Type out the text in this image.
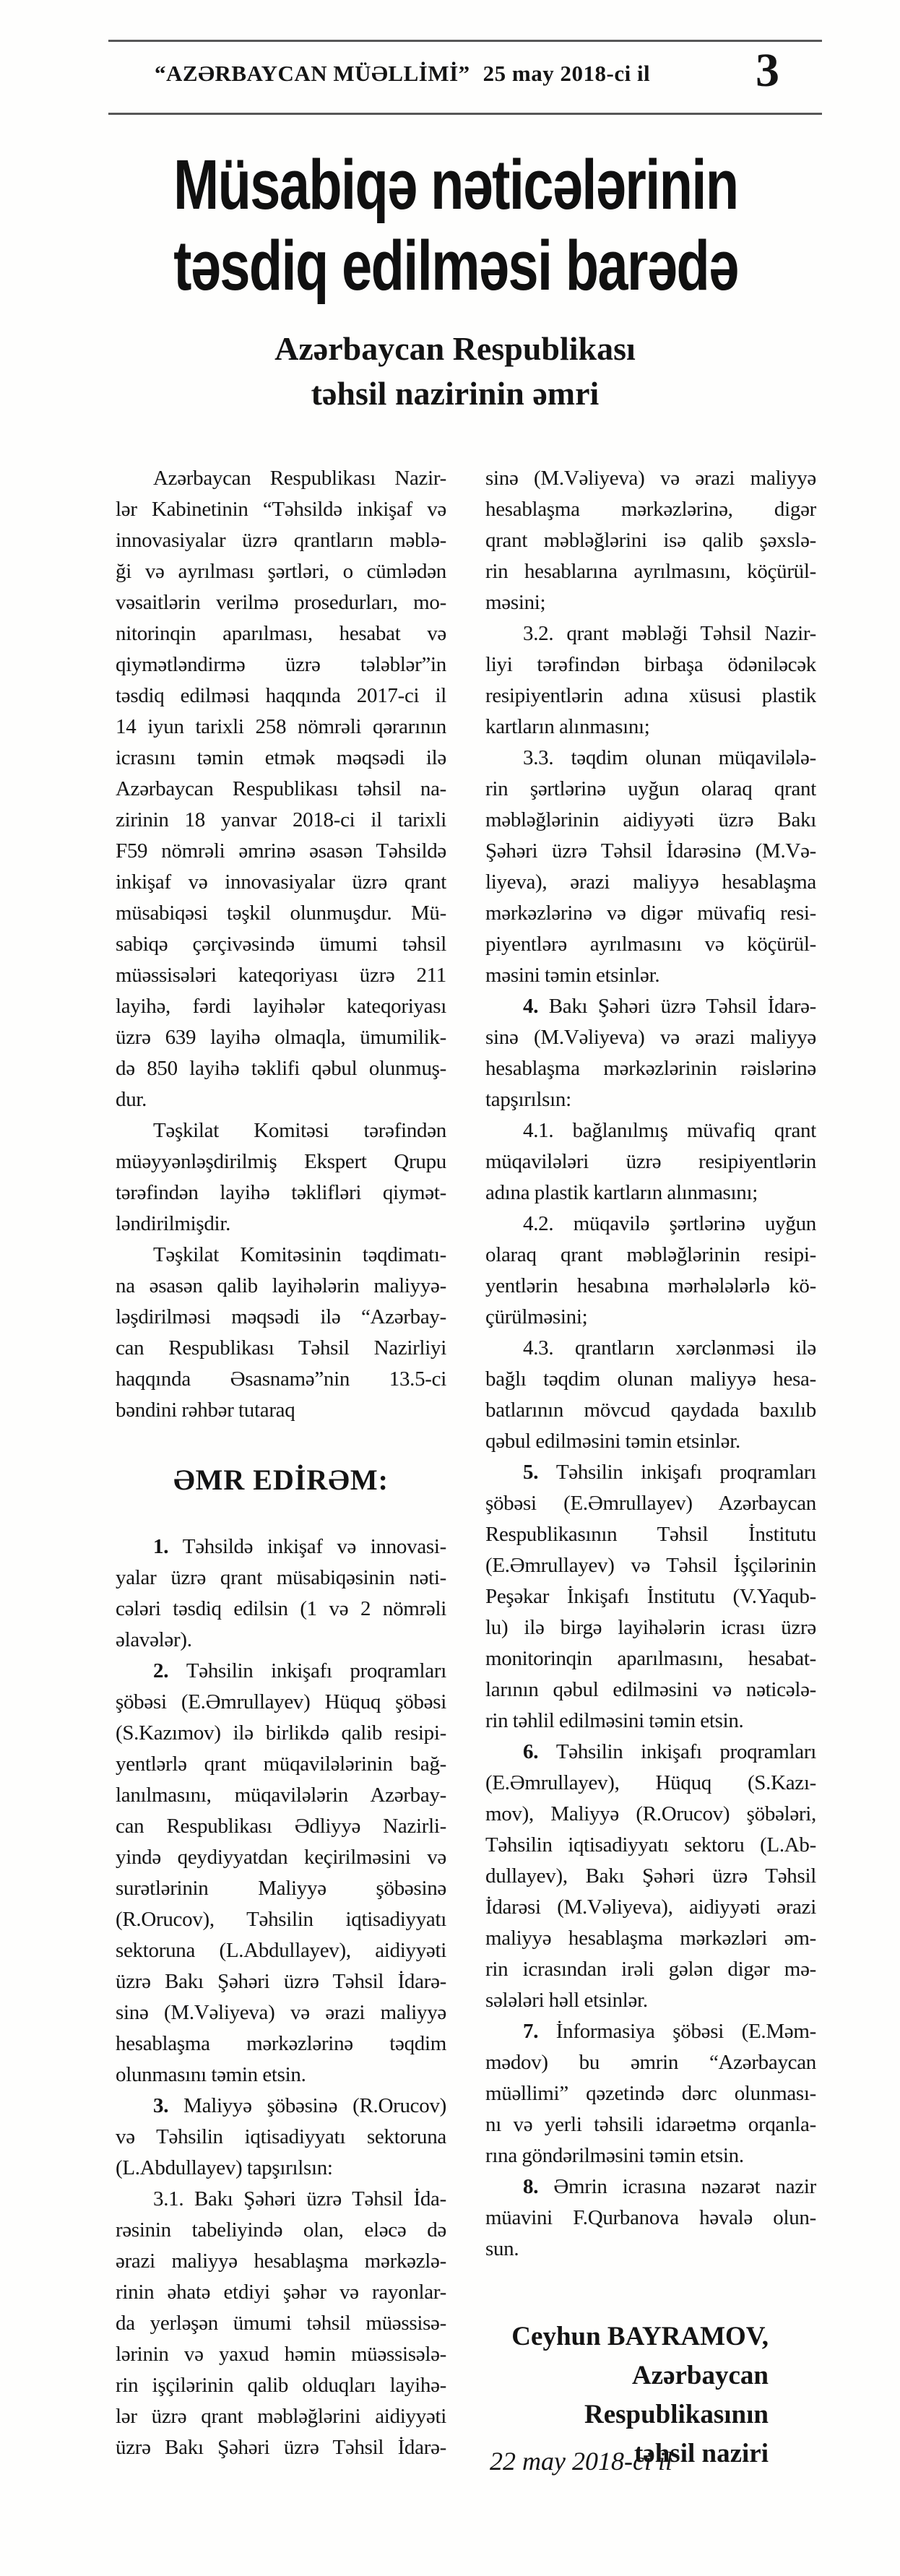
“AZƏRBAYCAN MÜƏLLİMİ” 25 may 2018-ci il 3
Müsabiqə nəticələrinin
təsdiq edilməsi barədə
Azərbaycan Respublikası
təhsil nazirinin əmri
Azərbaycan Respublikası Nazir-
lər Kabinetinin “Təhsildə inkişaf və
innovasiyalar üzrə qrantların məblə-
ği və ayrılması şərtləri, o cümlədən
vəsaitlərin verilmə prosedurları, mo-
nitorinqin aparılması, hesabat və
qiymətləndirmə üzrə tələblər”in
təsdiq edilməsi haqqında 2017-ci il
14 iyun tarixli 258 nömrəli qərarının
icrasını təmin etmək məqsədi ilə
Azərbaycan Respublikası təhsil na-
zirinin 18 yanvar 2018-ci il tarixli
F59 nömrəli əmrinə əsasən Təhsildə
inkişaf və innovasiyalar üzrə qrant
müsabiqəsi təşkil olunmuşdur. Mü-
sabiqə çərçivəsində ümumi təhsil
müəssisələri kateqoriyası üzrə 211
layihə, fərdi layihələr kateqoriyası
üzrə 639 layihə olmaqla, ümumilik-
də 850 layihə təklifi qəbul olunmuş-
dur.
Təşkilat Komitəsi tərəfindən
müəyyənləşdirilmiş Ekspert Qrupu
tərəfindən layihə təklifləri qiymət-
ləndirilmişdir.
Təşkilat Komitəsinin təqdimatı-
na əsasən qalib layihələrin maliyyə-
ləşdirilməsi məqsədi ilə “Azərbay-
can Respublikası Təhsil Nazirliyi
haqqında Əsasnamə”nin 13.5-ci
bəndini rəhbər tutaraq
ƏMR EDİRƏM:
1. Təhsildə inkişaf və innovasi-
yalar üzrə qrant müsabiqəsinin nəti-
cələri təsdiq edilsin (1 və 2 nömrəli
əlavələr).
2. Təhsilin inkişafı proqramları
şöbəsi (E.Əmrullayev) Hüquq şöbəsi
(S.Kazımov) ilə birlikdə qalib resipi-
yentlərlə qrant müqavilələrinin bağ-
lanılmasını, müqavilələrin Azərbay-
can Respublikası Ədliyyə Nazirli-
yində qeydiyyatdan keçirilməsini və
surətlərinin Maliyyə şöbəsinə
(R.Orucov), Təhsilin iqtisadiyyatı
sektoruna (L.Abdullayev), aidiyyəti
üzrə Bakı Şəhəri üzrə Təhsil İdarə-
sinə (M.Vəliyeva) və ərazi maliyyə
hesablaşma mərkəzlərinə təqdim
olunmasını təmin etsin.
3. Maliyyə şöbəsinə (R.Orucov)
və Təhsilin iqtisadiyyatı sektoruna
(L.Abdullayev) tapşırılsın:
3.1. Bakı Şəhəri üzrə Təhsil İda-
rəsinin tabeliyində olan, eləcə də
ərazi maliyyə hesablaşma mərkəzlə-
rinin əhatə etdiyi şəhər və rayonlar-
da yerləşən ümumi təhsil müəssisə-
lərinin və yaxud həmin müəssisələ-
rin işçilərinin qalib olduqları layihə-
lər üzrə qrant məbləğlərini aidiyyəti
üzrə Bakı Şəhəri üzrə Təhsil İdarə-
sinə (M.Vəliyeva) və ərazi maliyyə
hesablaşma mərkəzlərinə, digər
qrant məbləğlərini isə qalib şəxslə-
rin hesablarına ayrılmasını, köçürül-
məsini;
3.2. qrant məbləği Təhsil Nazir-
liyi tərəfindən birbaşa ödəniləcək
resipiyentlərin adına xüsusi plastik
kartların alınmasını;
3.3. təqdim olunan müqavilələ-
rin şərtlərinə uyğun olaraq qrant
məbləğlərinin aidiyyəti üzrə Bakı
Şəhəri üzrə Təhsil İdarəsinə (M.Və-
liyeva), ərazi maliyyə hesablaşma
mərkəzlərinə və digər müvafiq resi-
piyentlərə ayrılmasını və köçürül-
məsini təmin etsinlər.
4. Bakı Şəhəri üzrə Təhsil İdarə-
sinə (M.Vəliyeva) və ərazi maliyyə
hesablaşma mərkəzlərinin rəislərinə
tapşırılsın:
4.1. bağlanılmış müvafiq qrant
müqavilələri üzrə resipiyentlərin
adına plastik kartların alınmasını;
4.2. müqavilə şərtlərinə uyğun
olaraq qrant məbləğlərinin resipi-
yentlərin hesabına mərhələlərlə kö-
çürülməsini;
4.3. qrantların xərclənməsi ilə
bağlı təqdim olunan maliyyə hesa-
batlarının mövcud qaydada baxılıb
qəbul edilməsini təmin etsinlər.
5. Təhsilin inkişafı proqramları
şöbəsi (E.Əmrullayev) Azərbaycan
Respublikasının Təhsil İnstitutu
(E.Əmrullayev) və Təhsil İşçilərinin
Peşəkar İnkişafı İnstitutu (V.Yaqub-
lu) ilə birgə layihələrin icrası üzrə
monitorinqin aparılmasını, hesabat-
larının qəbul edilməsini və nəticələ-
rin təhlil edilməsini təmin etsin.
6. Təhsilin inkişafı proqramları
(E.Əmrullayev), Hüquq (S.Kazı-
mov), Maliyyə (R.Orucov) şöbələri,
Təhsilin iqtisadiyyatı sektoru (L.Ab-
dullayev), Bakı Şəhəri üzrə Təhsil
İdarəsi (M.Vəliyeva), aidiyyəti ərazi
maliyyə hesablaşma mərkəzləri əm-
rin icrasından irəli gələn digər mə-
sələləri həll etsinlər.
7. İnformasiya şöbəsi (E.Məm-
mədov) bu əmrin “Azərbaycan
müəllimi” qəzetində dərc olunması-
nı və yerli təhsili idarəetmə orqanla-
rına göndərilməsini təmin etsin.
8. Əmrin icrasına nəzarət nazir
müavini F.Qurbanova həvalə olun-
sun.
Ceyhun BAYRAMOV,
Azərbaycan Respublikasının
təhsil naziri
22 may 2018-ci il
